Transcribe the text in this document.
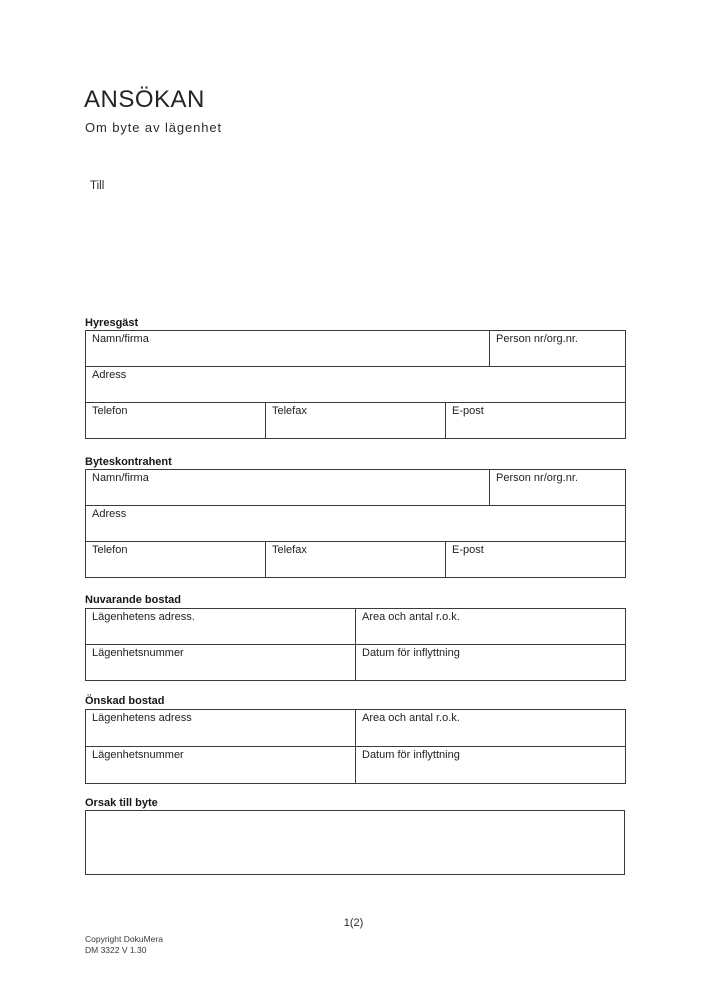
ANSÖKAN
Om byte av lägenhet
Till
Hyresgäst
Namn/firma			Person nr/org.nr.
Adress			
Telefon	Telefax	E-post	
Byteskontrahent
Namn/firma			Person nr/org.nr.
Adress			
Telefon	Telefax	E-post	
Nuvarande bostad
Lägenhetens adress.	Area och antal r.o.k.
Lägenhetsnummer	Datum för inflyttning
Önskad bostad
Lägenhetens adress	Area och antal r.o.k.
Lägenhetsnummer	Datum för inflyttning
Orsak till byte
1(2)
Copyright DokuMera
DM 3322 V 1.30
